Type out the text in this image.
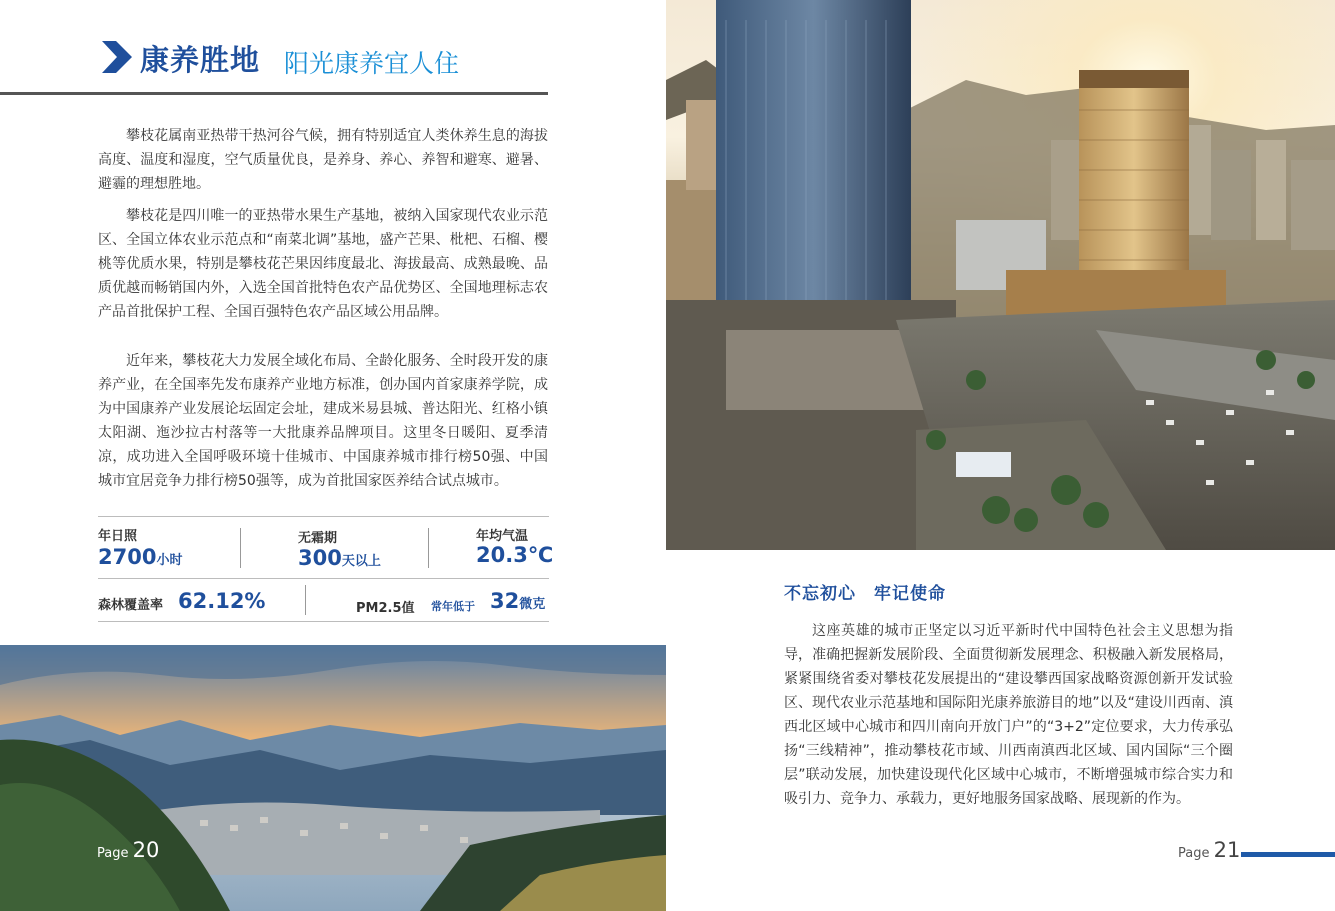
康养胜地 阳光康养宜人住

攀枝花属南亚热带干热河谷气候，拥有特别适宜人类休养生息的海拔高度、温度和湿度，空气质量优良，是养身、养心、养智和避寒、避暑、避霾的理想胜地。

攀枝花是四川唯一的亚热带水果生产基地，被纳入国家现代农业示范区、全国立体农业示范点和“南菜北调”基地，盛产芒果、枇杷、石榴、樱桃等优质水果，特别是攀枝花芒果因纬度最北、海拔最高、成熟最晚、品质优越而畅销国内外，入选全国首批特色农产品优势区、全国地理标志农产品首批保护工程、全国百强特色农产品区域公用品牌。

近年来，攀枝花大力发展全域化布局、全龄化服务、全时段开发的康养产业，在全国率先发布康养产业地方标准，创办国内首家康养学院，成为中国康养产业发展论坛固定会址，建成米易县城、普达阳光、红格小镇太阳湖、迤沙拉古村落等一大批康养品牌项目。这里冬日暖阳、夏季清凉，成功进入全国呼吸环境十佳城市、中国康养城市排行榜50强、中国城市宜居竞争力排行榜50强等，成为首批国家医养结合试点城市。

年日照
2700小时
无霜期
300天以上
年均气温
20.3℃
森林覆盖率 62.12%	PM2.5值 常年低于 32微克
不忘初心　牢记使命

这座英雄的城市正坚定以习近平新时代中国特色社会主义思想为指导，准确把握新发展阶段、全面贯彻新发展理念、积极融入新发展格局，紧紧围绕省委对攀枝花发展提出的“建设攀西国家战略资源创新开发试验区、现代农业示范基地和国际阳光康养旅游目的地”以及“建设川西南、滇西北区域中心城市和四川南向开放门户”的“3+2”定位要求，大力传承弘扬“三线精神”，推动攀枝花市域、川西南滇西北区域、国内国际“三个圈层”联动发展，加快建设现代化区域中心城市，不断增强城市综合实力和吸引力、竞争力、承载力，更好地服务国家战略、展现新的作为。

Page 20	Page 21
